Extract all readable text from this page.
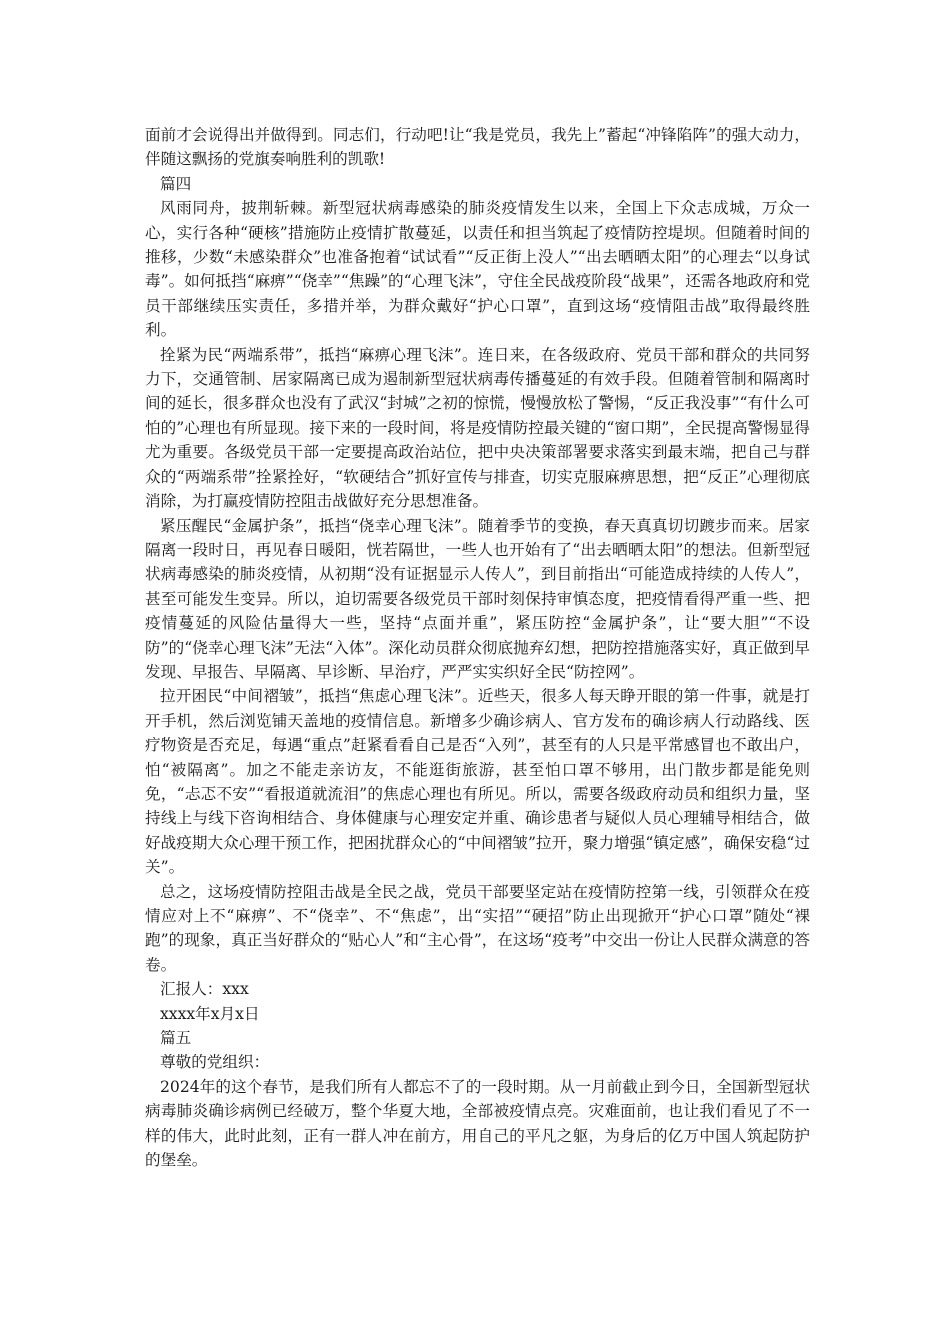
面前才会说得出并做得到。同志们，行动吧!让“我是党员，我先上”蓄起“冲锋陷阵”的强大动力，伴随这飘扬的党旗奏响胜利的凯歌!

篇四

风雨同舟，披荆斩棘。新型冠状病毒感染的肺炎疫情发生以来，全国上下众志成城，万众一心，实行各种“硬核”措施防止疫情扩散蔓延，以责任和担当筑起了疫情防控堤坝。但随着时间的推移，少数“未感染群众”也准备抱着“试试看”“反正街上没人”“出去晒晒太阳”的心理去“以身试毒”。如何抵挡“麻痹”“侥幸”“焦躁”的“心理飞沫”，守住全民战疫阶段“战果”，还需各地政府和党员干部继续压实责任，多措并举，为群众戴好“护心口罩”，直到这场“疫情阻击战”取得最终胜利。

拴紧为民“两端系带”，抵挡“麻痹心理飞沫”。连日来，在各级政府、党员干部和群众的共同努力下，交通管制、居家隔离已成为遏制新型冠状病毒传播蔓延的有效手段。但随着管制和隔离时间的延长，很多群众也没有了武汉“封城”之初的惊慌，慢慢放松了警惕，“反正我没事”“有什么可怕的”心理也有所显现。接下来的一段时间，将是疫情防控最关键的“窗口期”，全民提高警惕显得尤为重要。各级党员干部一定要提高政治站位，把中央决策部署要求落实到最末端，把自己与群众的“两端系带”拴紧拴好，“软硬结合”抓好宣传与排查，切实克服麻痹思想，把“反正”心理彻底消除，为打赢疫情防控阻击战做好充分思想准备。

紧压醒民“金属护条”，抵挡“侥幸心理飞沫”。随着季节的变换，春天真真切切踱步而来。居家隔离一段时日，再见春日暖阳，恍若隔世，一些人也开始有了“出去晒晒太阳”的想法。但新型冠状病毒感染的肺炎疫情，从初期“没有证据显示人传人”，到目前指出“可能造成持续的人传人”，甚至可能发生变异。所以，迫切需要各级党员干部时刻保持审慎态度，把疫情看得严重一些、把疫情蔓延的风险估量得大一些，坚持“点面并重”，紧压防控“金属护条”，让“要大胆”“不设防”的“侥幸心理飞沫”无法“入体”。深化动员群众彻底抛弃幻想，把防控措施落实好，真正做到早发现、早报告、早隔离、早诊断、早治疗，严严实实织好全民“防控网”。

拉开困民“中间褶皱”，抵挡“焦虑心理飞沫”。近些天，很多人每天睁开眼的第一件事，就是打开手机，然后浏览铺天盖地的疫情信息。新增多少确诊病人、官方发布的确诊病人行动路线、医疗物资是否充足，每遇“重点”赶紧看看自己是否“入列”，甚至有的人只是平常感冒也不敢出户，怕“被隔离”。加之不能走亲访友，不能逛街旅游，甚至怕口罩不够用，出门散步都是能免则免，“忐忑不安”“看报道就流泪”的焦虑心理也有所见。所以，需要各级政府动员和组织力量，坚持线上与线下咨询相结合、身体健康与心理安定并重、确诊患者与疑似人员心理辅导相结合，做好战疫期大众心理干预工作，把困扰群众心的“中间褶皱”拉开，聚力增强“镇定感”，确保安稳“过关”。

总之，这场疫情防控阻击战是全民之战，党员干部要坚定站在疫情防控第一线，引领群众在疫情应对上不“麻痹”、不“侥幸”、不“焦虑”，出“实招”“硬招”防止出现掀开“护心口罩”随处“裸跑”的现象，真正当好群众的“贴心人”和“主心骨”，在这场“疫考”中交出一份让人民群众满意的答卷。

汇报人：xxx

xxxx年x月x日

篇五

尊敬的党组织：

2024年的这个春节，是我们所有人都忘不了的一段时期。从一月前截止到今日，全国新型冠状病毒肺炎确诊病例已经破万，整个华夏大地，全部被疫情点亮。灾难面前，也让我们看见了不一样的伟大，此时此刻，正有一群人冲在前方，用自己的平凡之躯，为身后的亿万中国人筑起防护的堡垒。
